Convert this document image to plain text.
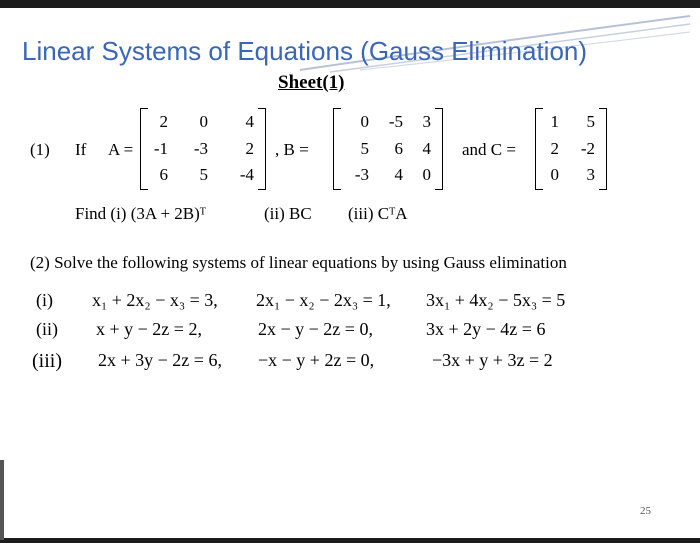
Linear Systems of Equations (Gauss Elimination)
Sheet(1)
(1) If A =
2	0	4
-1	-3	2
6	5	-4
, B =
0	-5	3
5	6	4
-3	4	0
and C =
1	5
2	-2
0	3
Find (i) (3A + 2B)ᵀ	(ii) BC (iii) CᵀA
(2) Solve the following systems of linear equations by using Gauss elimination
(i) x₁ + 2x₂ − x₃ = 3, 2x₁ − x₂ − 2x₃ = 1, 3x₁ + 4x₂ − 5x₃ = 5
(ii) x + y − 2z = 2,	2x − y − 2z = 0,	3x + 2y − 4z = 6
(iii) 2x + 3y − 2z = 6, −x − y + 2z = 0,	−3x + y + 3z = 2
25
